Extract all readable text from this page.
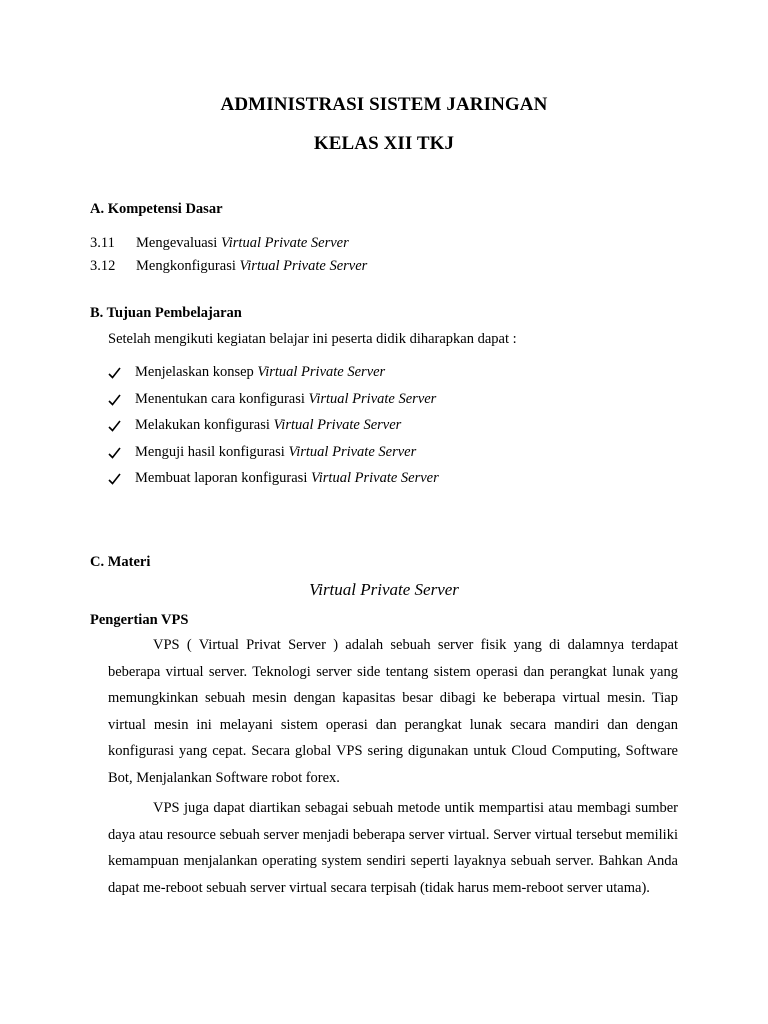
ADMINISTRASI SISTEM JARINGAN
KELAS XII TKJ
A. Kompetensi Dasar
3.11	Mengevaluasi Virtual Private Server
3.12	Mengkonfigurasi Virtual Private Server
B. Tujuan Pembelajaran
Setelah mengikuti kegiatan belajar ini peserta didik diharapkan dapat :
Menjelaskan konsep Virtual Private Server
Menentukan cara konfigurasi Virtual Private Server
Melakukan konfigurasi Virtual Private Server
Menguji hasil konfigurasi Virtual Private Server
Membuat laporan konfigurasi Virtual Private Server
C. Materi
Virtual Private Server
Pengertian VPS

VPS ( Virtual Privat Server ) adalah sebuah server fisik yang di dalamnya terdapat beberapa virtual server. Teknologi server side tentang sistem operasi dan perangkat lunak yang memungkinkan sebuah mesin dengan kapasitas besar dibagi ke beberapa virtual mesin. Tiap virtual mesin ini melayani sistem operasi dan perangkat lunak secara mandiri dan dengan konfigurasi yang cepat. Secara global VPS sering digunakan untuk Cloud Computing, Software Bot, Menjalankan Software robot forex.

VPS juga dapat diartikan sebagai sebuah metode untik mempartisi atau membagi sumber daya atau resource sebuah server menjadi beberapa server virtual. Server virtual tersebut memiliki kemampuan menjalankan operating system sendiri seperti layaknya sebuah server. Bahkan Anda dapat me-reboot sebuah server virtual secara terpisah (tidak harus mem-reboot server utama).
